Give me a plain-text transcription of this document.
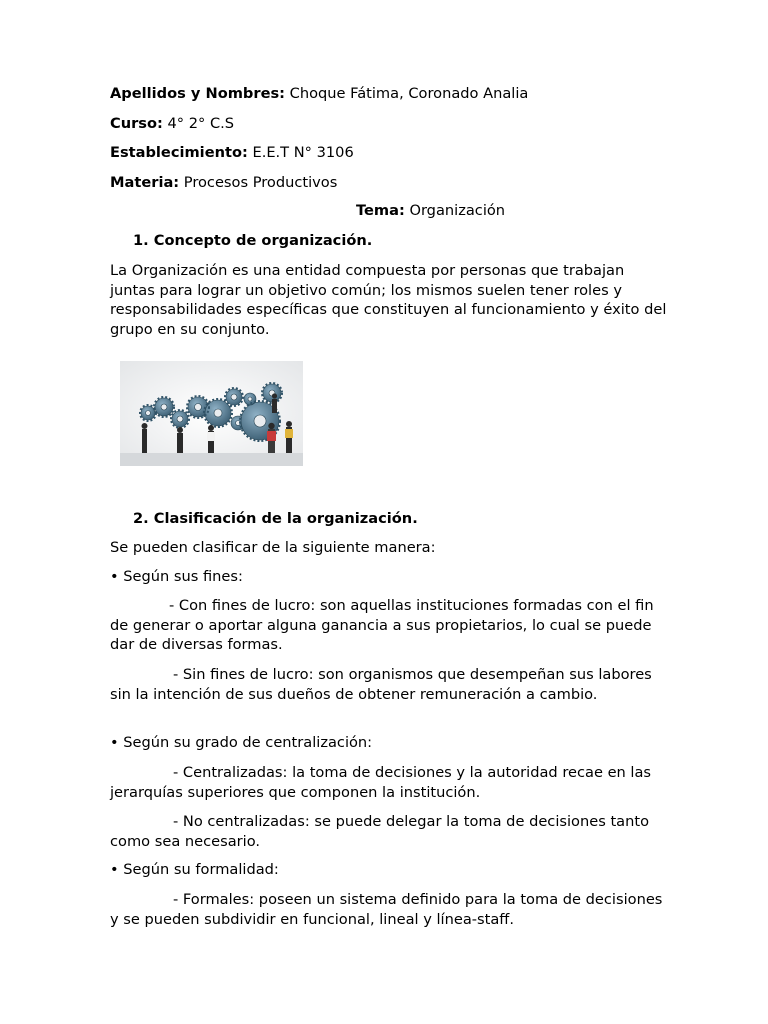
Apellidos y Nombres: Choque Fátima, Coronado Analia
Curso: 4° 2° C.S
Establecimiento: E.E.T N° 3106
Materia: Procesos Productivos
Tema: Organización
1. Concepto de organización.
La Organización es una entidad compuesta por personas que trabajan juntas para lograr un objetivo común; los mismos suelen tener roles y responsabilidades específicas que constituyen al funcionamiento y éxito del grupo en su conjunto.
2. Clasificación de la organización.
Se pueden clasificar de la siguiente manera:
• Según sus fines:
- Con fines de lucro: son aquellas instituciones formadas con el fin de generar o aportar alguna ganancia a sus propietarios, lo cual se puede dar de diversas formas.
- Sin fines de lucro: son organismos que desempeñan sus labores sin la intención de sus dueños de obtener remuneración a cambio.
• Según su grado de centralización:
- Centralizadas: la toma de decisiones y la autoridad recae en las jerarquías superiores que componen la institución.
- No centralizadas: se puede delegar la toma de decisiones tanto como sea necesario.
• Según su formalidad:
- Formales: poseen un sistema definido para la toma de decisiones y se pueden subdividir en funcional, lineal y línea-staff.
